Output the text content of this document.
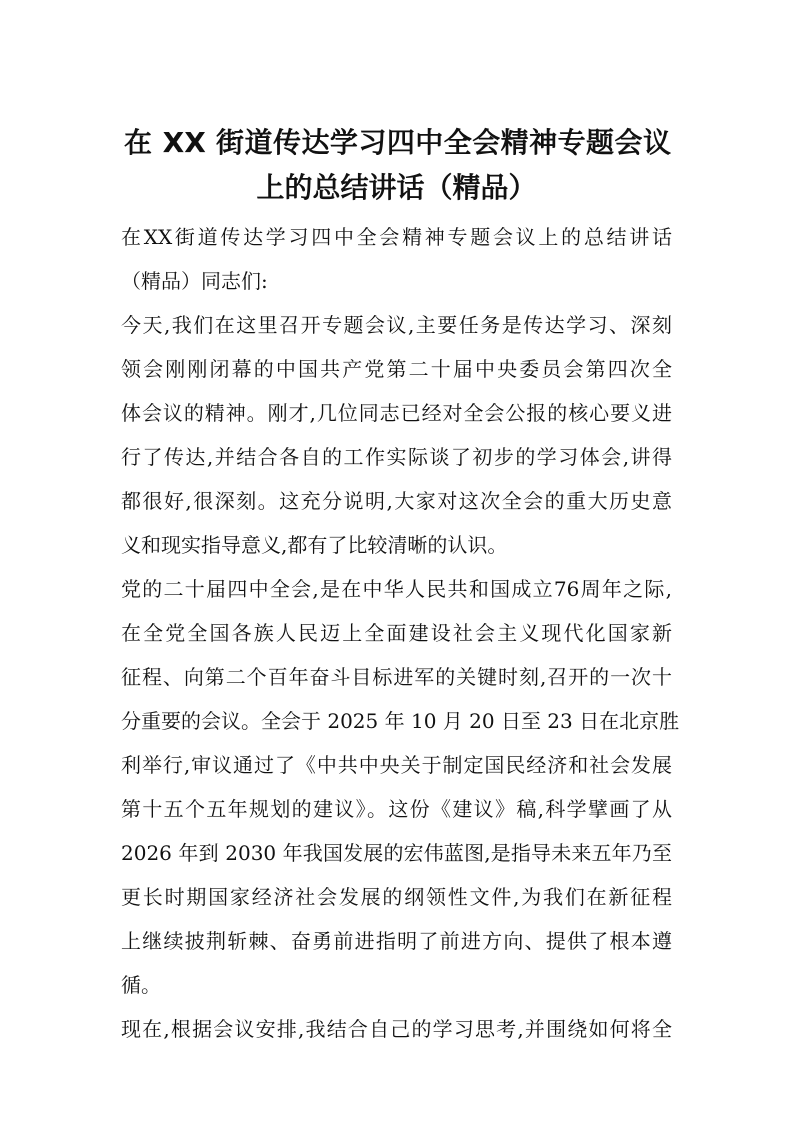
在 XX 街道传达学习四中全会精神专题会议
上的总结讲话（精品）
在XX街道传达学习四中全会精神专题会议上的总结讲话
（精品）同志们:
今天,我们在这里召开专题会议,主要任务是传达学习、深刻
领会刚刚闭幕的中国共产党第二十届中央委员会第四次全
体会议的精神。刚才,几位同志已经对全会公报的核心要义进
行了传达,并结合各自的工作实际谈了初步的学习体会,讲得
都很好,很深刻。这充分说明,大家对这次全会的重大历史意
义和现实指导意义,都有了比较清晰的认识。
党的二十届四中全会,是在中华人民共和国成立76周年之际,
在全党全国各族人民迈上全面建设社会主义现代化国家新
征程、向第二个百年奋斗目标进军的关键时刻,召开的一次十
分重要的会议。全会于 2025 年 10 月 20 日至 23 日在北京胜
利举行,审议通过了《中共中央关于制定国民经济和社会发展
第十五个五年规划的建议》。这份《建议》稿,科学擘画了从
2026 年到 2030 年我国发展的宏伟蓝图,是指导未来五年乃至
更长时期国家经济社会发展的纲领性文件,为我们在新征程
上继续披荆斩棘、奋勇前进指明了前进方向、提供了根本遵
循。
现在,根据会议安排,我结合自己的学习思考,并围绕如何将全
